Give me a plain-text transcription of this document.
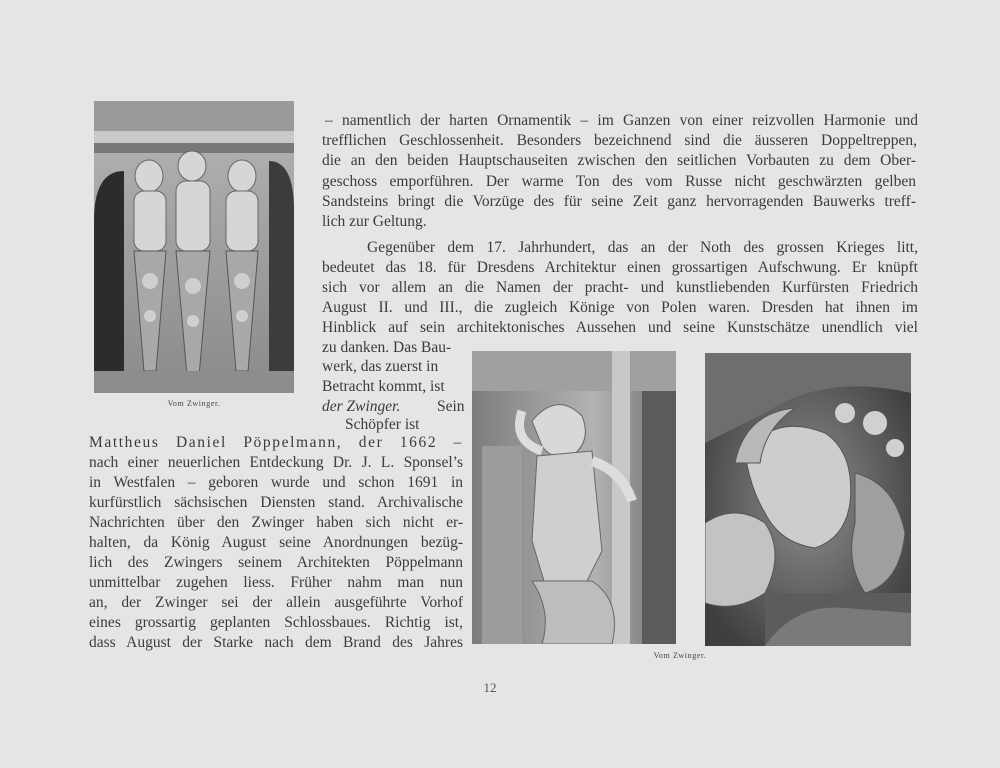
Vom Zwinger.
Vom Zwinger.
– namentlich der harten Ornamentik – im Ganzen von einer reizvollen Harmonie und
trefflichen Geschlossenheit. Besonders bezeichnend sind die äusseren Doppeltreppen,
die an den beiden Hauptschauseiten zwischen den seitlichen Vorbauten zu dem Ober-
geschoss emporführen. Der warme Ton des vom Russe nicht geschwärzten gelben
Sandsteins bringt die Vorzüge des für seine Zeit ganz hervorragenden Bauwerks treff-
lich zur Geltung.
Gegenüber dem 17. Jahrhundert, das an der Noth des grossen Krieges litt,
bedeutet das 18. für Dresdens Architektur einen grossartigen Aufschwung. Er knüpft
sich vor allem an die Namen der pracht- und kunstliebenden Kurfürsten Friedrich
August II. und III., die zugleich Könige von Polen waren. Dresden hat ihnen im
Hinblick auf sein architektonisches Aussehen und seine Kunstschätze unendlich viel
zu danken. Das Bau-
werk, das zuerst in
Betracht kommt, ist
der Zwinger.	Sein
Schöpfer ist
Mattheus Daniel Pöppelmann, der 1662 –
nach einer neuerlichen Entdeckung Dr. J. L. Sponsel’s
in Westfalen – geboren wurde und schon 1691 in
kurfürstlich sächsischen Diensten stand. Archivalische
Nachrichten über den Zwinger haben sich nicht er-
halten, da König August seine Anordnungen bezüg-
lich des Zwingers seinem Architekten Pöppelmann
unmittelbar zugehen liess. Früher nahm man nun
an, der Zwinger sei der allein ausgeführte Vorhof
eines grossartig geplanten Schlossbaues. Richtig ist,
dass August der Starke nach dem Brand des Jahres
12
